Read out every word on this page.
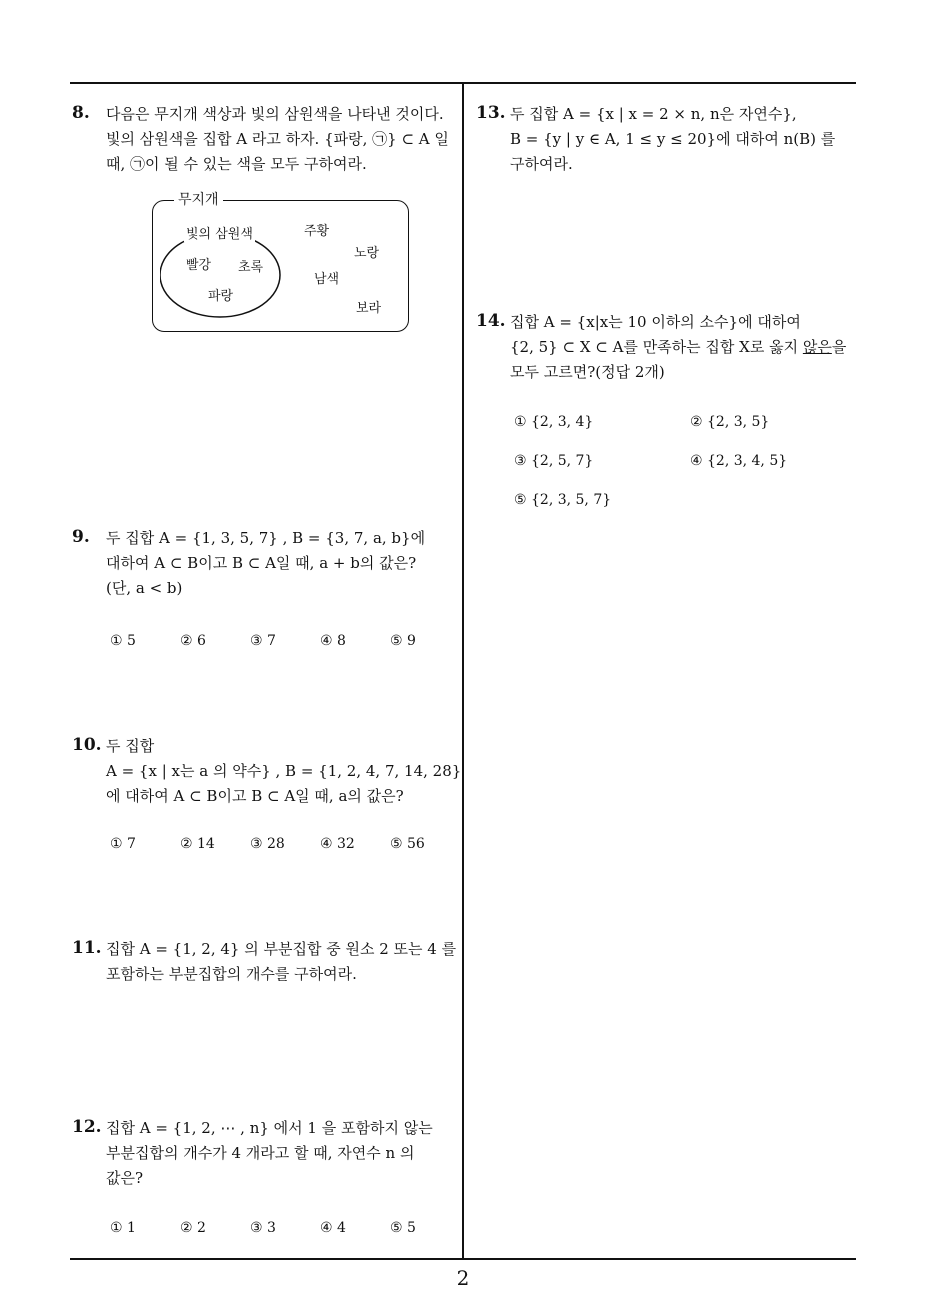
8. 다음은 무지개 색상과 빛의 삼원색을 나타낸 것이다.
빛의 삼원색을 집합 A 라고 하자. {파랑, ㉠} ⊂ A 일
때, ㉠이 될 수 있는 색을 모두 구하여라.
무지개
빛의 삼원색
빨강 초록
파랑
주황
노랑
남색
보라
9. 두 집합 A = {1, 3, 5, 7} , B = {3, 7, a, b}에
대하여 A ⊂ B이고 B ⊂ A일 때, a + b의 값은?
(단, a < b)
① 5	② 6	③ 7	④ 8	⑤ 9
10. 두 집합
A = {x | x는 a 의 약수} , B = {1, 2, 4, 7, 14, 28}
에 대하여 A ⊂ B이고 B ⊂ A일 때, a의 값은?
① 7	② 14	③ 28	④ 32	⑤ 56
11. 집합 A = {1, 2, 4} 의 부분집합 중 원소 2 또는 4 를
포함하는 부분집합의 개수를 구하여라.
12. 집합 A = {1, 2, ⋯ , n} 에서 1 을 포함하지 않는
부분집합의 개수가 4 개라고 할 때, 자연수 n 의
값은?
① 1	② 2	③ 3	④ 4	⑤ 5
13. 두 집합 A = {x | x = 2 × n, n은 자연수},
B = {y | y ∈ A, 1 ≤ y ≤ 20}에 대하여 n(B) 를
구하여라.
14. 집합 A = {x|x는 10 이하의 소수}에 대하여
{2, 5} ⊂ X ⊂ A를 만족하는 집합 X로 옳지 않은을
모두 고르면?(정답 2개)
① {2, 3, 4}	② {2, 3, 5}
③ {2, 5, 7}	④ {2, 3, 4, 5}
⑤ {2, 3, 5, 7}
2
